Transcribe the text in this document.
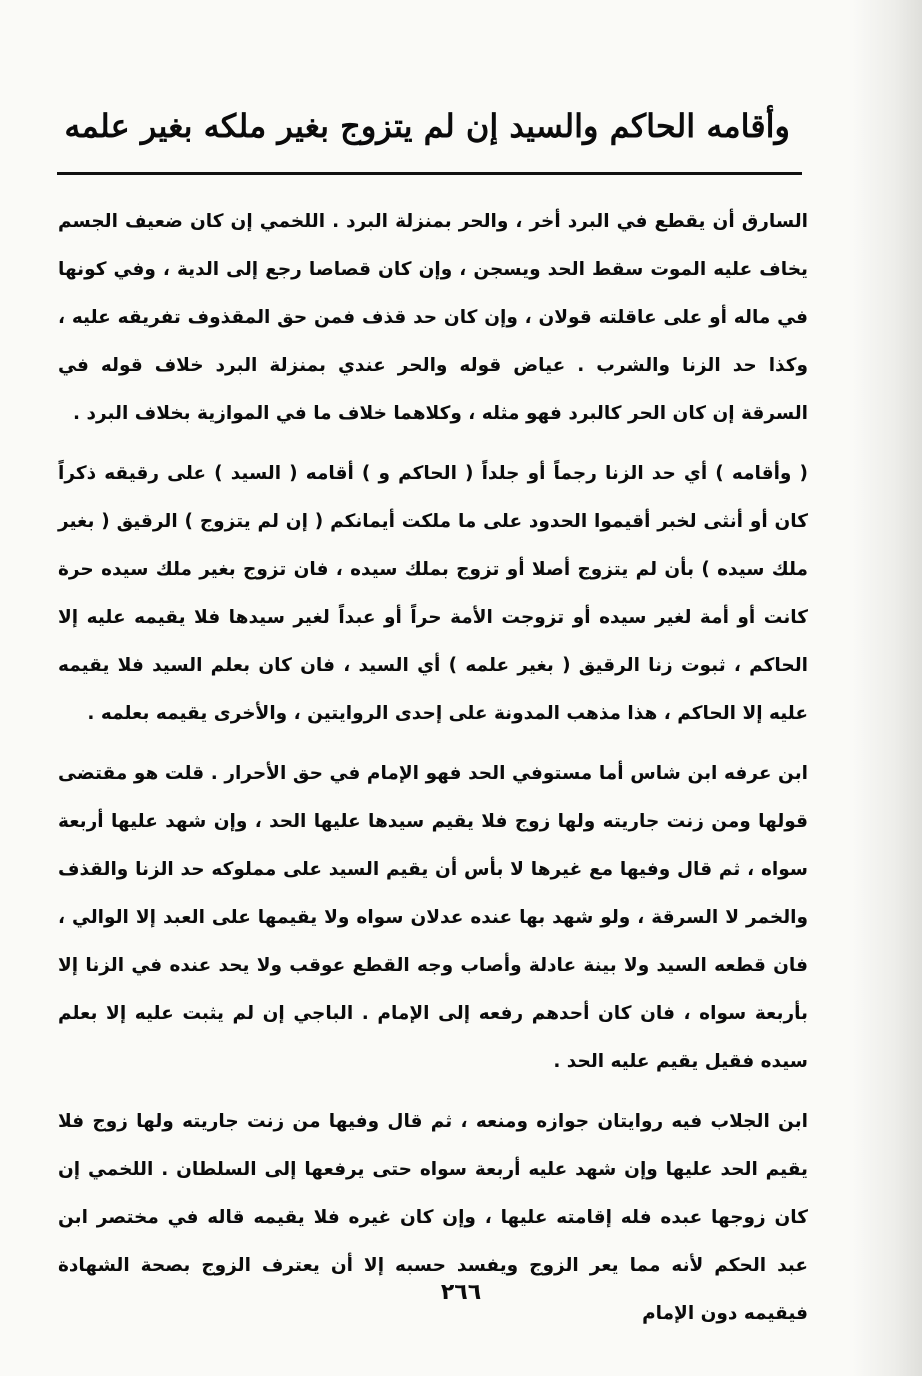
وأقامه الحاكم والسيد إن لم يتزوج بغير ملكه بغير علمه

السارق أن يقطع في البرد أخر ، والحر بمنزلة البرد . اللخمي إن كان ضعيف الجسم يخاف عليه الموت سقط الحد ويسجن ، وإن كان قصاصا رجع إلى الدية ، وفي كونها في ماله أو على عاقلته قولان ، وإن كان حد قذف فمن حق المقذوف تفريقه عليه ، وكذا حد الزنا والشرب . عياض قوله والحر عندي بمنزلة البرد خلاف قوله في السرقة إن كان الحر كالبرد فهو مثله ، وكلاهما خلاف ما في الموازية بخلاف البرد .

( وأقامه ) أي حد الزنا رجماً أو جلداً ( الحاكم و ) أقامه ( السيد ) على رقيقه ذكراً كان أو أنثى لخبر أقيموا الحدود على ما ملكت أيمانكم ( إن لم يتزوج ) الرقيق ( بغير ملك سيده ) بأن لم يتزوج أصلا أو تزوج بملك سيده ، فان تزوج بغير ملك سيده حرة كانت أو أمة لغير سيده أو تزوجت الأمة حراً أو عبداً لغير سيدها فلا يقيمه عليه إلا الحاكم ، ثبوت زنا الرقيق ( بغير علمه ) أي السيد ، فان كان بعلم السيد فلا يقيمه عليه إلا الحاكم ، هذا مذهب المدونة على إحدى الروايتين ، والأخرى يقيمه بعلمه .

ابن عرفه ابن شاس أما مستوفي الحد فهو الإمام في حق الأحرار . قلت هو مقتضى قولها ومن زنت جاريته ولها زوج فلا يقيم سيدها عليها الحد ، وإن شهد عليها أربعة سواه ، ثم قال وفيها مع غيرها لا بأس أن يقيم السيد على مملوكه حد الزنا والقذف والخمر لا السرقة ، ولو شهد بها عنده عدلان سواه ولا يقيمها على العبد إلا الوالي ، فان قطعه السيد ولا بينة عادلة وأصاب وجه القطع عوقب ولا يحد عنده في الزنا إلا بأربعة سواه ، فان كان أحدهم رفعه إلى الإمام . الباجي إن لم يثبت عليه إلا بعلم سيده فقيل يقيم عليه الحد .

ابن الجلاب فيه روايتان جوازه ومنعه ، ثم قال وفيها من زنت جاريته ولها زوج فلا يقيم الحد عليها وإن شهد عليه أربعة سواه حتى يرفعها إلى السلطان . اللخمي إن كان زوجها عبده فله إقامته عليها ، وإن كان غيره فلا يقيمه قاله في مختصر ابن عبد الحكم لأنه مما يعر الزوج ويفسد حسبه إلا أن يعترف الزوج بصحة الشهادة فيقيمه دون الإمام

٢٦٦
